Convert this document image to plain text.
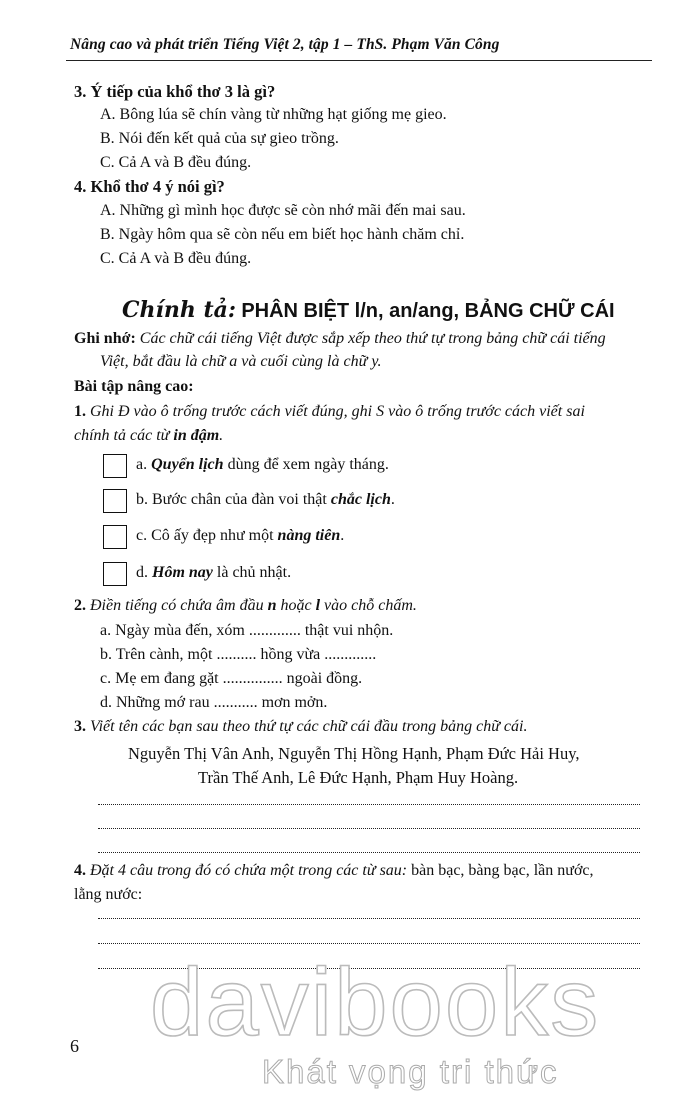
Nâng cao và phát triển Tiếng Việt 2, tập 1 – ThS. Phạm Văn Công
3. Ý tiếp của khổ thơ 3 là gì?
A. Bông lúa sẽ chín vàng từ những hạt giống mẹ gieo.
B. Nói đến kết quả của sự gieo trồng.
C. Cả A và B đều đúng.
4. Khổ thơ 4 ý nói gì?
A. Những gì mình học được sẽ còn nhớ mãi đến mai sau.
B. Ngày hôm qua sẽ còn nếu em biết học hành chăm chỉ.
C. Cả A và B đều đúng.
Chính tả: PHÂN BIỆT l/n, an/ang, BẢNG CHỮ CÁI
Ghi nhớ: Các chữ cái tiếng Việt được sắp xếp theo thứ tự trong bảng chữ cái tiếng
Việt, bắt đầu là chữ a và cuối cùng là chữ y.
Bài tập nâng cao:
1. Ghi Đ vào ô trống trước cách viết đúng, ghi S vào ô trống trước cách viết sai
chính tả các từ in đậm.
a. Quyển lịch dùng để xem ngày tháng.
b. Bước chân của đàn voi thật chắc lịch.
c. Cô ấy đẹp như một nàng tiên.
d. Hôm nay là chủ nhật.
2. Điền tiếng có chứa âm đầu n hoặc l vào chỗ chấm.
a. Ngày mùa đến, xóm ............. thật vui nhộn.
b. Trên cành, một .......... hồng vừa .............
c. Mẹ em đang gặt ............... ngoài đồng.
d. Những mớ rau ........... mơn mởn.
3. Viết tên các bạn sau theo thứ tự các chữ cái đầu trong bảng chữ cái.
Nguyễn Thị Vân Anh, Nguyễn Thị Hồng Hạnh, Phạm Đức Hải Huy,
Trần Thế Anh, Lê Đức Hạnh, Phạm Huy Hoàng.
4. Đặt 4 câu trong đó có chứa một trong các từ sau: bàn bạc, bàng bạc, lần nước,
lằng nước:
davibooks
Khát vọng tri thức
6
